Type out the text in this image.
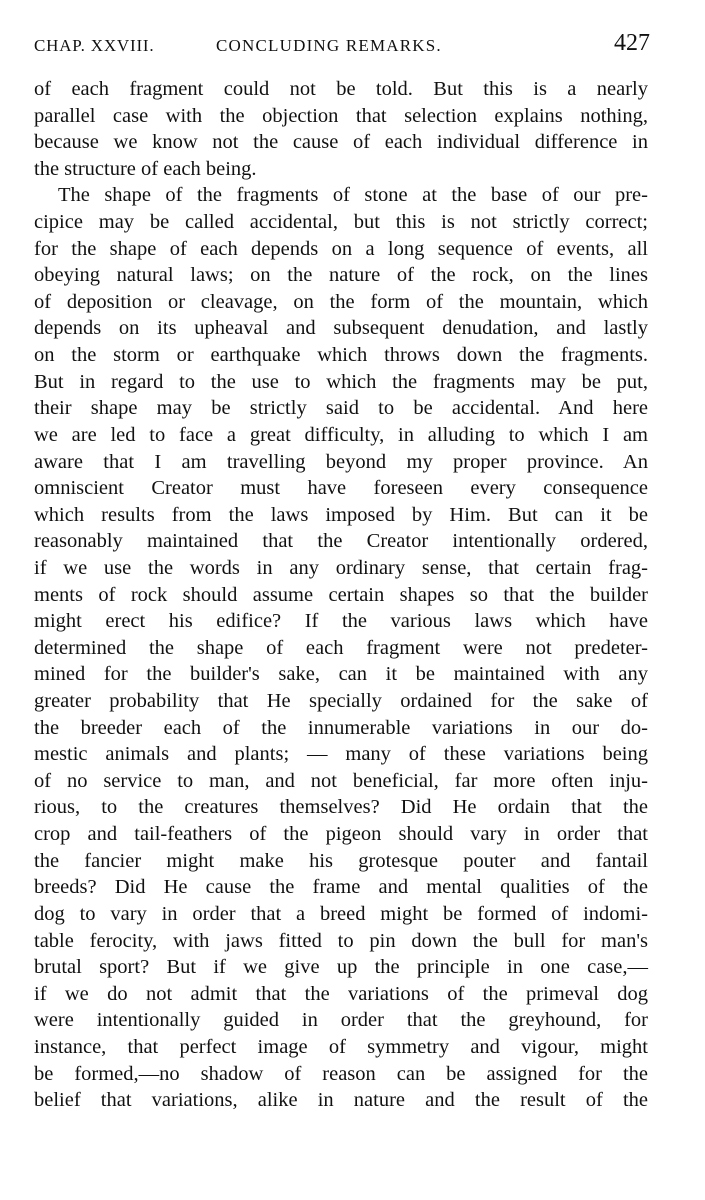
CHAP. XXVIII.	CONCLUDING REMARKS.	427
of each fragment could not be told. But this is a nearly
parallel case with the objection that selection explains nothing,
because we know not the cause of each individual difference in
the structure of each being.
The shape of the fragments of stone at the base of our pre-
cipice may be called accidental, but this is not strictly correct;
for the shape of each depends on a long sequence of events, all
obeying natural laws; on the nature of the rock, on the lines
of deposition or cleavage, on the form of the mountain, which
depends on its upheaval and subsequent denudation, and lastly
on the storm or earthquake which throws down the fragments.
But in regard to the use to which the fragments may be put,
their shape may be strictly said to be accidental. And here
we are led to face a great difficulty, in alluding to which I am
aware that I am travelling beyond my proper province. An
omniscient Creator must have foreseen every consequence
which results from the laws imposed by Him. But can it be
reasonably maintained that the Creator intentionally ordered,
if we use the words in any ordinary sense, that certain frag-
ments of rock should assume certain shapes so that the builder
might erect his edifice? If the various laws which have
determined the shape of each fragment were not predeter-
mined for the builder's sake, can it be maintained with any
greater probability that He specially ordained for the sake of
the breeder each of the innumerable variations in our do-
mestic animals and plants; — many of these variations being
of no service to man, and not beneficial, far more often inju-
rious, to the creatures themselves? Did He ordain that the
crop and tail-feathers of the pigeon should vary in order that
the fancier might make his grotesque pouter and fantail
breeds? Did He cause the frame and mental qualities of the
dog to vary in order that a breed might be formed of indomi-
table ferocity, with jaws fitted to pin down the bull for man's
brutal sport? But if we give up the principle in one case,—
if we do not admit that the variations of the primeval dog
were intentionally guided in order that the greyhound, for
instance, that perfect image of symmetry and vigour, might
be formed,—no shadow of reason can be assigned for the
belief that variations, alike in nature and the result of the
